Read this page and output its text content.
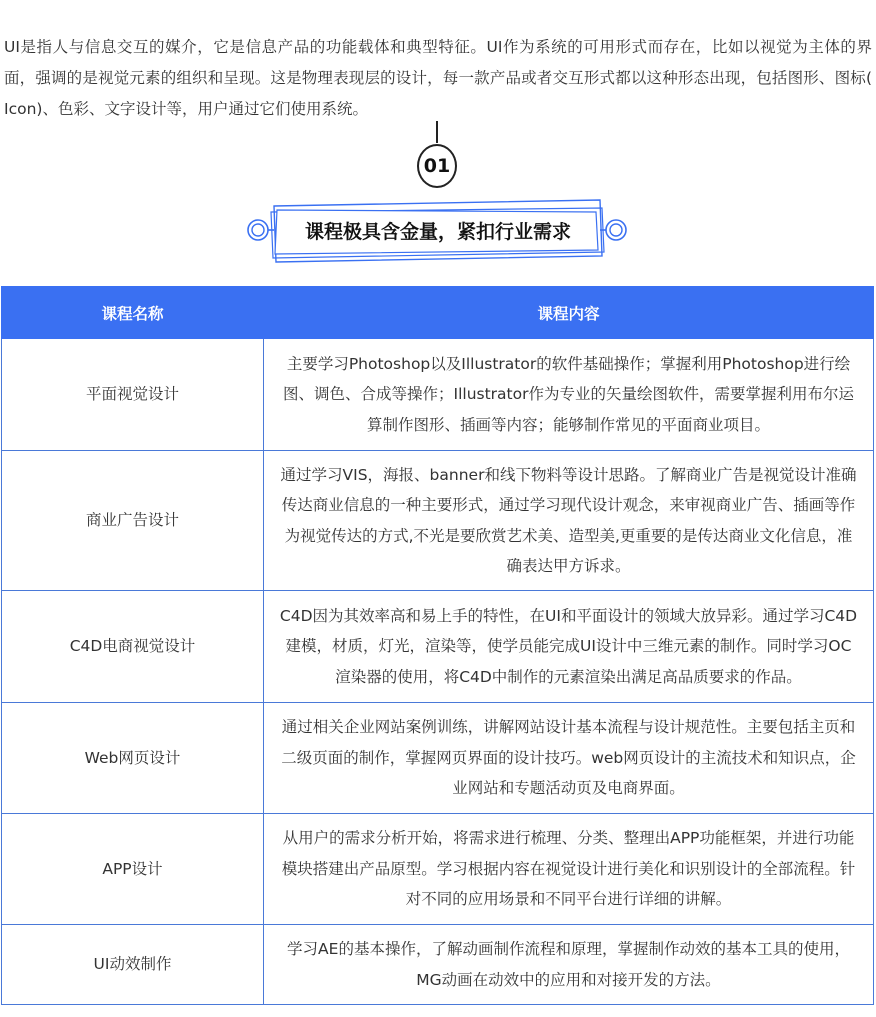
UI是指人与信息交互的媒介，它是信息产品的功能载体和典型特征。UI作为系统的可用形式而存在，比如以视觉为主体的界面，强调的是视觉元素的组织和呈现。这是物理表现层的设计，每一款产品或者交互形式都以这种形态出现，包括图形、图标( Icon)、色彩、文字设计等，用户通过它们使用系统。

01
课程极具含金量，紧扣行业需求
课程名称	课程内容
平面视觉设计	主要学习Photoshop以及Illustrator的软件基础操作；掌握利用Photoshop进行绘图、调色、合成等操作；Illustrator作为专业的矢量绘图软件，需要掌握利用布尔运算制作图形、插画等内容；能够制作常见的平面商业项目。
商业广告设计	通过学习VIS，海报、banner和线下物料等设计思路。了解商业广告是视觉设计准确传达商业信息的一种主要形式，通过学习现代设计观念，来审视商业广告、插画等作为视觉传达的方式,不光是要欣赏艺术美、造型美,更重要的是传达商业文化信息，准确表达甲方诉求。
C4D电商视觉设计	C4D因为其效率高和易上手的特性，在UI和平面设计的领域大放异彩。通过学习C4D建模，材质，灯光，渲染等，使学员能完成UI设计中三维元素的制作。同时学习OC渲染器的使用，将C4D中制作的元素渲染出满足高品质要求的作品。
Web网页设计	通过相关企业网站案例训练，讲解网站设计基本流程与设计规范性。主要包括主页和二级页面的制作，掌握网页界面的设计技巧。web网页设计的主流技术和知识点，企业网站和专题活动页及电商界面。
APP设计	从用户的需求分析开始，将需求进行梳理、分类、整理出APP功能框架，并进行功能模块搭建出产品原型。学习根据内容在视觉设计进行美化和识别设计的全部流程。针对不同的应用场景和不同平台进行详细的讲解。
UI动效制作	学习AE的基本操作，了解动画制作流程和原理，掌握制作动效的基本工具的使用，MG动画在动效中的应用和对接开发的方法。
